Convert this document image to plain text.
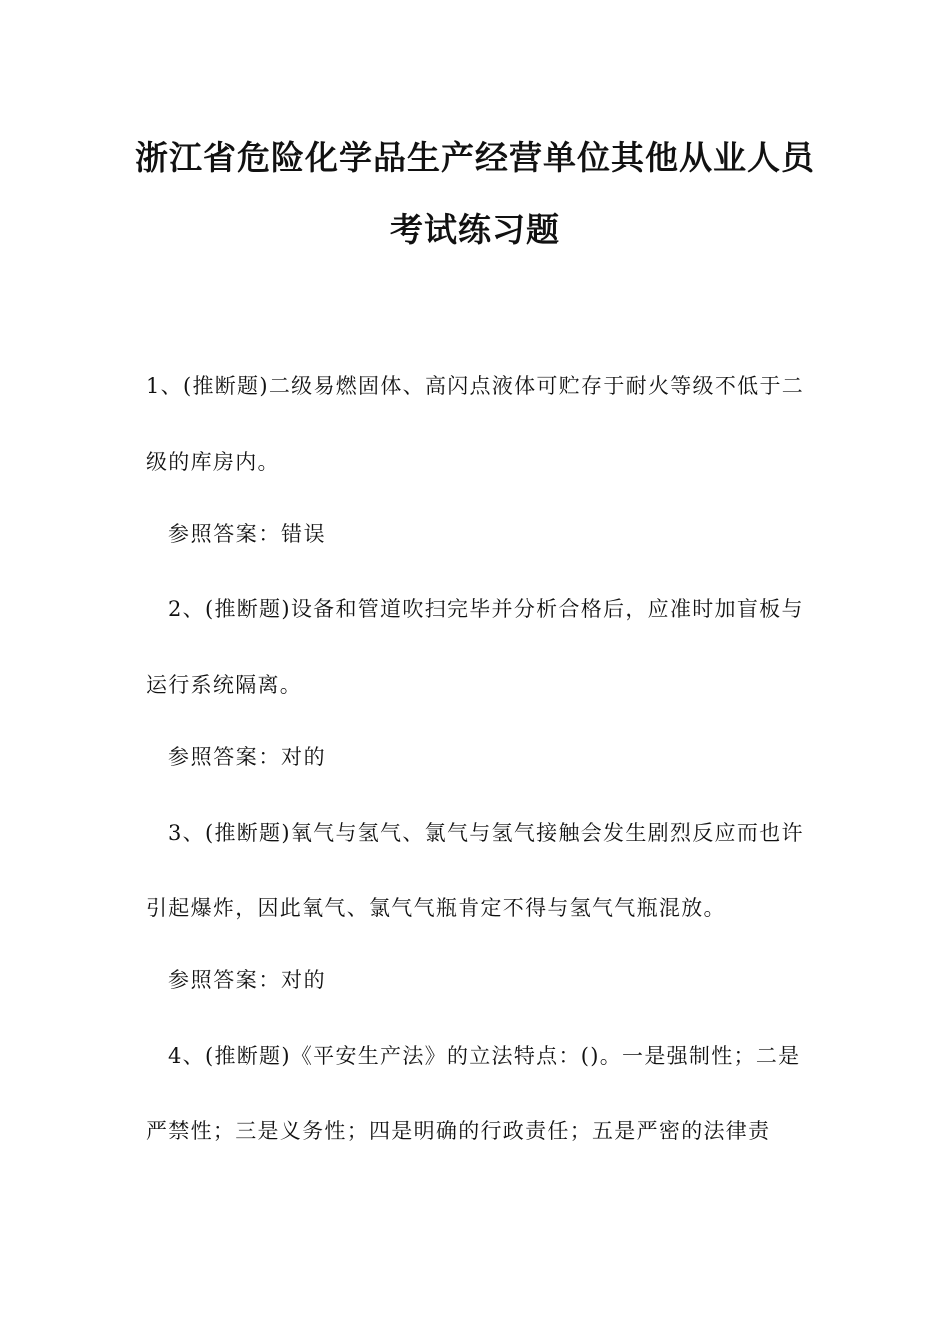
浙江省危险化学品生产经营单位其他从业人员
考试练习题
1、(推断题)二级易燃固体、高闪点液体可贮存于耐火等级不低于二
级的库房内。
参照答案：错误
2、(推断题)设备和管道吹扫完毕并分析合格后，应准时加盲板与
运行系统隔离。
参照答案：对的
3、(推断题)氧气与氢气、氯气与氢气接触会发生剧烈反应而也许
引起爆炸，因此氧气、氯气气瓶肯定不得与氢气气瓶混放。
参照答案：对的
4、(推断题)《平安生产法》的立法特点：()。一是强制性；二是
严禁性；三是义务性；四是明确的行政责任；五是严密的法律责
